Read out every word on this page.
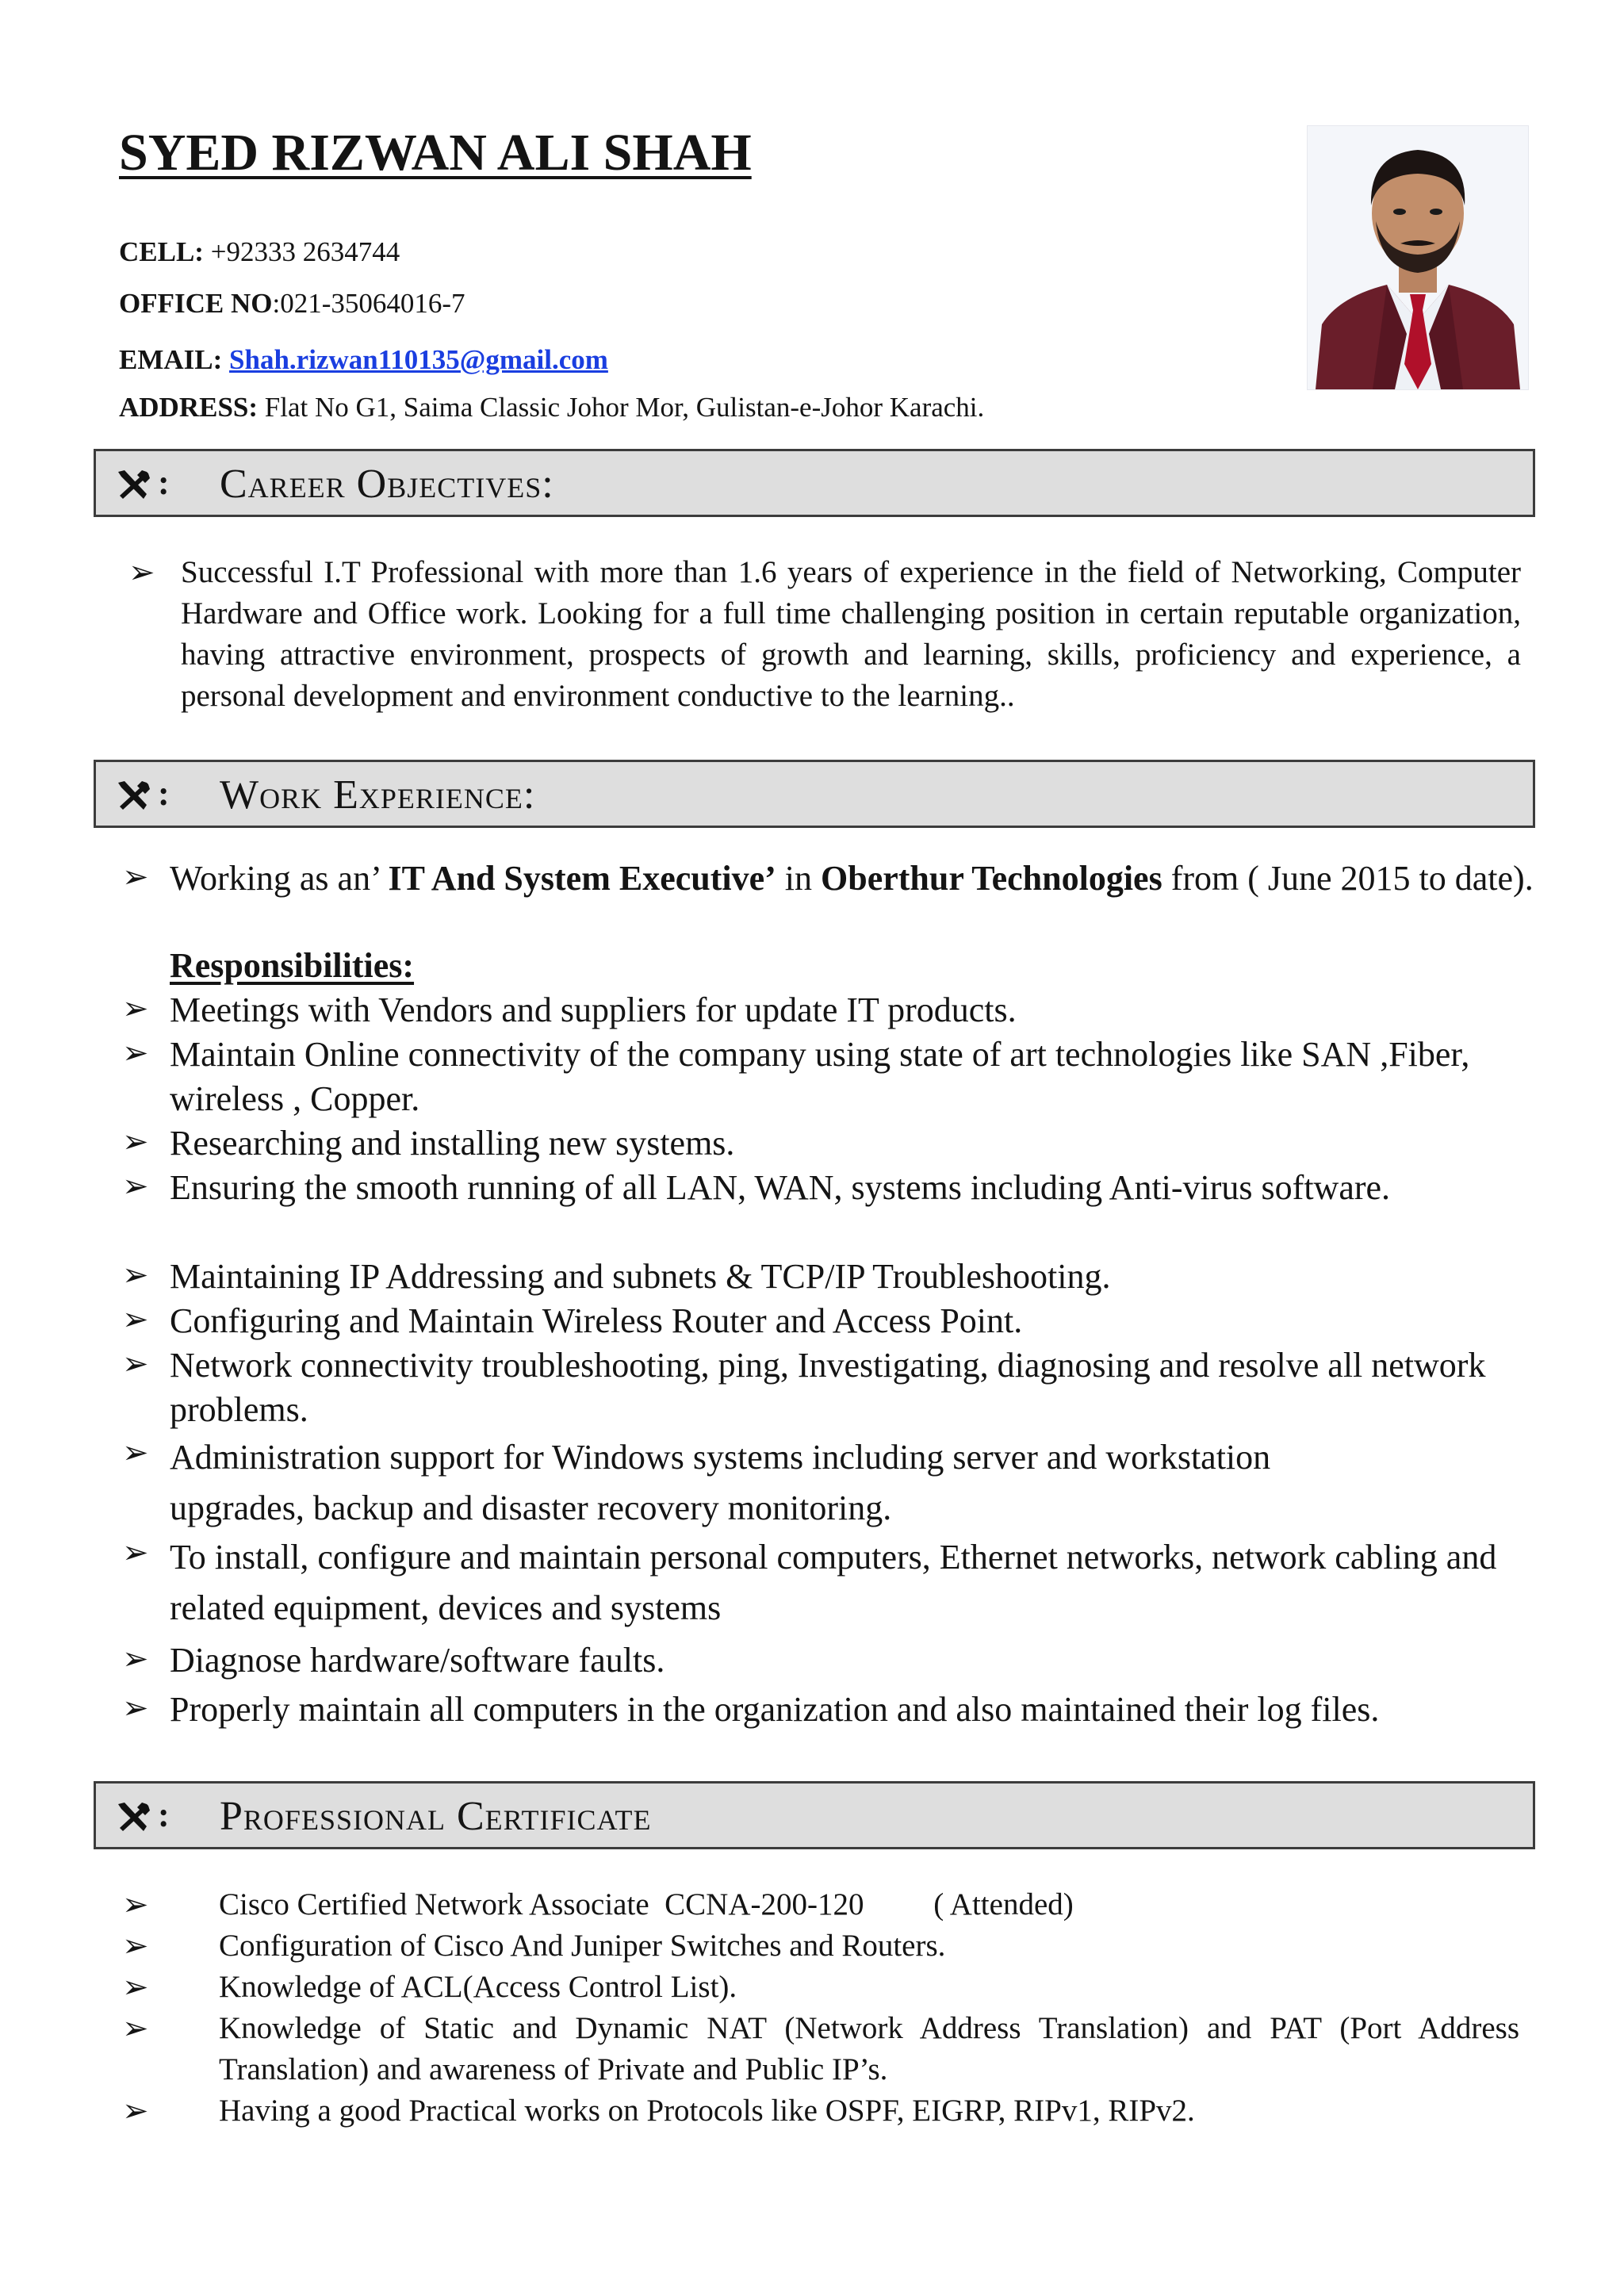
SYED RIZWAN ALI SHAH
CELL: +92333 2634744
OFFICE NO:021-35064016-7
EMAIL: Shah.rizwan110135@gmail.com
ADDRESS: Flat No G1, Saima Classic Johor Mor, Gulistan-e-Johor Karachi.
: Career Objectives:
➢ Successful I.T Professional with more than 1.6 years of experience in the field of Networking, Computer Hardware and Office work. Looking for a full time challenging position in certain reputable organization, having attractive environment, prospects of growth and learning, skills, proficiency and experience, a personal development and environment conductive to the learning..

: Work Experience:
➢ Working as an’ IT And System Executive’ in Oberthur Technologies from ( June 2015 to date).

Responsibilities:
➢ Meetings with Vendors and suppliers for update IT products.

➢ Maintain Online connectivity of the company using state of art technologies like SAN ,Fiber, wireless , Copper.

➢ Researching and installing new systems.

➢ Ensuring the smooth running of all LAN, WAN, systems including Anti-virus software.

➢ Maintaining IP Addressing and subnets & TCP/IP Troubleshooting.

➢ Configuring and Maintain Wireless Router and Access Point.

➢ Network connectivity troubleshooting, ping, Investigating, diagnosing and resolve all network problems.

➢ Administration support for Windows systems including server and workstation upgrades, backup and disaster recovery monitoring.

➢ To install, configure and maintain personal computers, Ethernet networks, network cabling and related equipment, devices and systems

➢ Diagnose hardware/software faults.

➢ Properly maintain all computers in the organization and also maintained their log files.

: Professional Certificate
➢ Cisco Certified Network Associate  CCNA-200-120         ( Attended)

➢ Configuration of Cisco And Juniper Switches and Routers.

➢ Knowledge of ACL(Access Control List).

➢ Knowledge of Static and Dynamic NAT (Network Address Translation) and PAT (Port Address Translation) and awareness of Private and Public IP’s.

➢ Having a good Practical works on Protocols like OSPF, EIGRP, RIPv1, RIPv2.
